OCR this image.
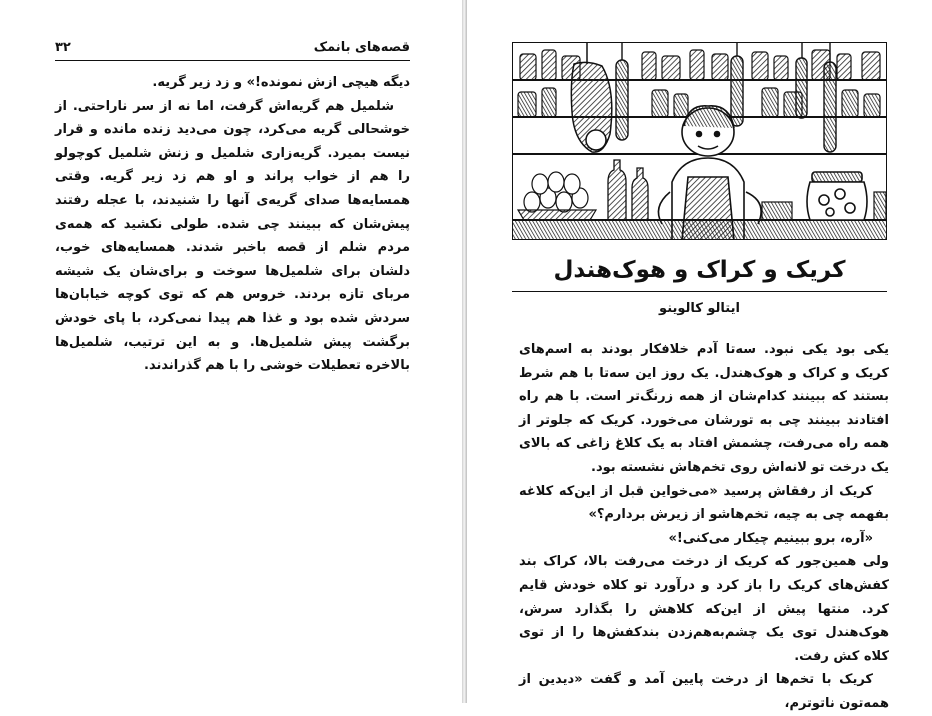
قصه‌های بانمک
۳۲

دیگه هیچی ازش نمونده!» و زد زیر گریه.

شلمیل هم گریه‌اش گرفت، اما نه از سر ناراحتی. از خوشحالی گریه می‌کرد، چون می‌دید زنده مانده و قرار نیست بمیرد. گریه‌زاری شلمیل و زنش شلمیل کوچولو را هم از خواب پراند و او هم زد زیر گریه. وقتی همسایه‌ها صدای گریه‌ی آنها را شنیدند، با عجله رفتند پیش‌شان که ببینند چی شده. طولی نکشید که همه‌ی مردم شلم از قصه باخبر شدند. همسایه‌های خوب، دلشان برای شلمیل‌ها سوخت و برای‌شان یک شیشه مربای تازه بردند. خروس هم که توی کوچه خیابان‌ها سردش شده بود و غذا هم پیدا نمی‌کرد، با پای خودش برگشت پیش شلمیل‌ها. و به این ترتیب، شلمیل‌ها بالاخره تعطیلات خوشی را با هم گذراندند.

کریک و کراک و هوک‌هندل
ایتالو کالوینو

یکی بود یکی نبود. سه‌تا آدم خلافکار بودند به اسم‌های کریک و کراک و هوک‌هندل. یک روز این سه‌تا با هم شرط بستند که ببینند کدام‌شان از همه زرنگ‌تر است. با هم راه افتادند ببینند چی به تورشان می‌خورد. کریک که جلوتر از همه راه می‌رفت، چشمش افتاد به یک کلاغ زاغی که بالای یک درخت تو لانه‌اش روی تخم‌هاش نشسته بود.

کریک از رفقاش پرسید «می‌خواین قبل از این‌که کلاغه بفهمه چی به چیه، تخم‌هاشو از زیرش بردارم؟»

«آره، برو ببینیم چیکار می‌کنی!»

ولی همین‌جور که کریک از درخت می‌رفت بالا، کراک بند کفش‌های کریک را باز کرد و درآورد تو کلاه خودش قایم کرد. منتها پیش از این‌که کلاهش را بگذارد سرش، هوک‌هندل توی یک چشم‌به‌هم‌زدن بندکفش‌ها را از توی کلاه کش رفت.

کریک با تخم‌ها از درخت پایین آمد و گفت «دیدین از همه‌تون ناتوترم،
